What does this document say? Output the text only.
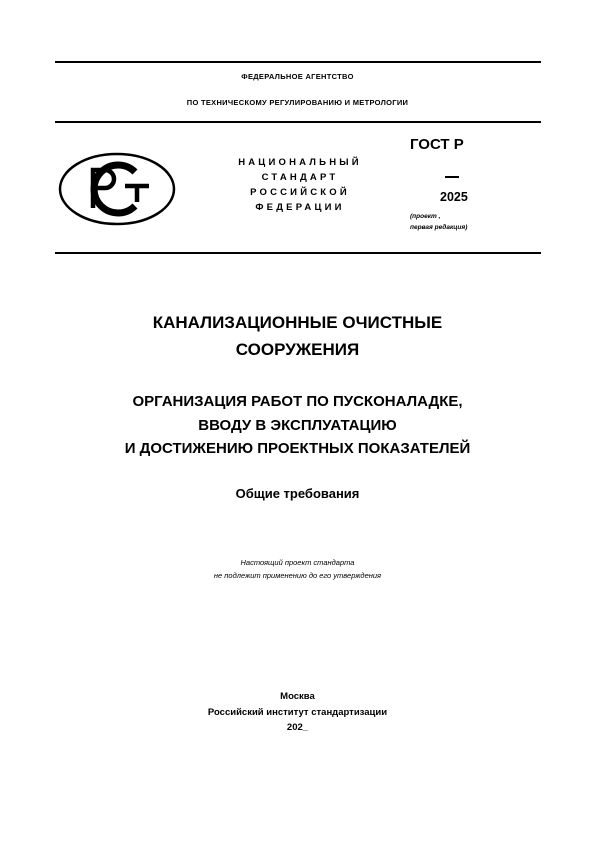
ФЕДЕРАЛЬНОЕ АГЕНТСТВО
ПО ТЕХНИЧЕСКОМУ РЕГУЛИРОВАНИЮ И МЕТРОЛОГИИ
НАЦИОНАЛЬНЫЙ
СТАНДАРТ
РОССИЙСКОЙ
ФЕДЕРАЦИИ
ГОСТ Р
2025
(проект ,
первая редакция)
КАНАЛИЗАЦИОННЫЕ ОЧИСТНЫЕ
СООРУЖЕНИЯ
ОРГАНИЗАЦИЯ РАБОТ ПО ПУСКОНАЛАДКЕ,
ВВОДУ В ЭКСПЛУАТАЦИЮ
И ДОСТИЖЕНИЮ ПРОЕКТНЫХ ПОКАЗАТЕЛЕЙ
Общие требования
Настоящий проект стандарта
не подлежит применению до его утверждения
Москва
Российский институт стандартизации
202_
